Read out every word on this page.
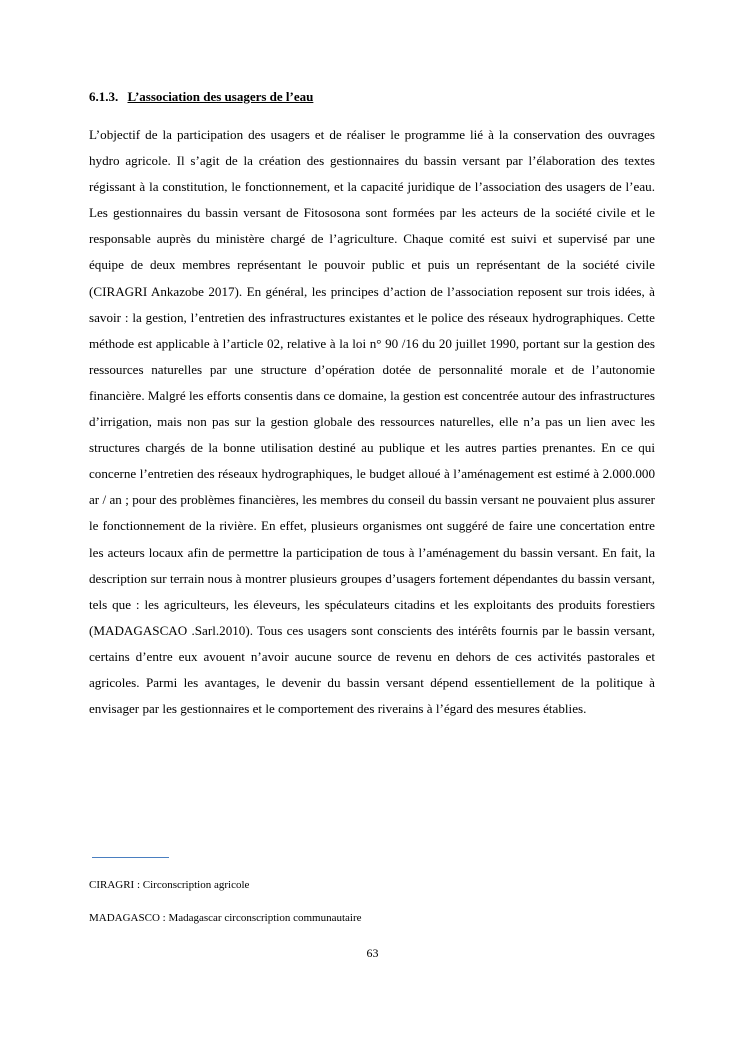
6.1.3. L’association des usagers de l’eau

L’objectif de la participation des usagers et de réaliser le programme lié à la conservation des ouvrages hydro agricole. Il s’agit de la création des gestionnaires du bassin versant par l’élaboration des textes régissant à la constitution, le fonctionnement, et la capacité juridique de l’association des usagers de l’eau. Les gestionnaires du bassin versant de Fitososona sont formées par les acteurs de la société civile et le responsable auprès du ministère chargé de l’agriculture. Chaque comité est suivi et supervisé par une équipe de deux membres représentant le pouvoir public et puis un représentant de la société civile (CIRAGRI Ankazobe 2017). En général, les principes d’action de l’association reposent sur trois idées, à savoir : la gestion, l’entretien des infrastructures existantes et le police des réseaux hydrographiques. Cette méthode est applicable à l’article 02, relative à la loi n° 90 /16 du 20 juillet 1990, portant sur la gestion des ressources naturelles par une structure d’opération dotée de personnalité morale et de l’autonomie financière. Malgré les efforts consentis dans ce domaine, la gestion est concentrée autour des infrastructures d’irrigation, mais non pas sur la gestion globale des ressources naturelles, elle n’a pas un lien avec les structures chargés de la bonne utilisation destiné au publique et les autres parties prenantes. En ce qui concerne l’entretien des réseaux hydrographiques, le budget alloué à l’aménagement est estimé à 2.000.000 ar / an ; pour des problèmes financières, les membres du conseil du bassin versant ne pouvaient plus assurer le fonctionnement de la rivière. En effet, plusieurs organismes ont suggéré de faire une concertation entre les acteurs locaux afin de permettre la participation de tous à l’aménagement du bassin versant. En fait, la description sur terrain nous à montrer plusieurs groupes d’usagers fortement dépendantes du bassin versant, tels que : les agriculteurs, les éleveurs, les spéculateurs citadins et les exploitants des produits forestiers (MADAGASCAO .Sarl.2010). Tous ces usagers sont conscients des intérêts fournis par le bassin versant, certains d’entre eux avouent n’avoir aucune source de revenu en dehors de ces activités pastorales et agricoles. Parmi les avantages, le devenir du bassin versant dépend essentiellement de la politique à envisager par les gestionnaires et le comportement des riverains à l’égard des mesures établies.

CIRAGRI : Circonscription agricole
MADAGASCO : Madagascar circonscription communautaire
63
